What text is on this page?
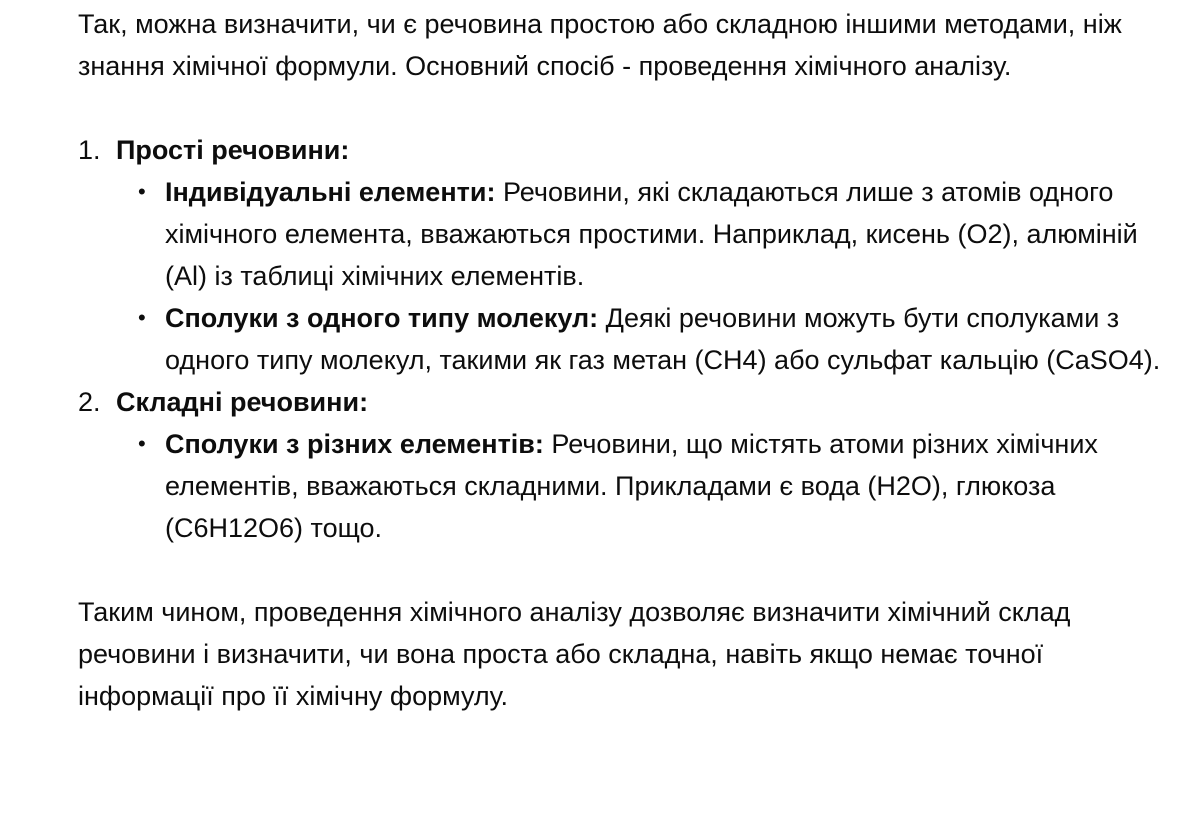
Так, можна визначити, чи є речовина простою або складною іншими методами, ніж знання хімічної формули. Основний спосіб - проведення хімічного аналізу.

1. Прості речовини:
• Індивідуальні елементи: Речовини, які складаються лише з атомів одного хімічного елемента, вважаються простими. Наприклад, кисень (O2), алюміній (Al) із таблиці хімічних елементів.
• Сполуки з одного типу молекул: Деякі речовини можуть бути сполуками з одного типу молекул, такими як газ метан (CH4) або сульфат кальцію (CaSO4).
2. Складні речовини:
• Сполуки з різних елементів: Речовини, що містять атоми різних хімічних елементів, вважаються складними. Прикладами є вода (H2O), глюкоза (C6H12O6) тощо.

Таким чином, проведення хімічного аналізу дозволяє визначити хімічний склад речовини і визначити, чи вона проста або складна, навіть якщо немає точної інформації про її хімічну формулу.
